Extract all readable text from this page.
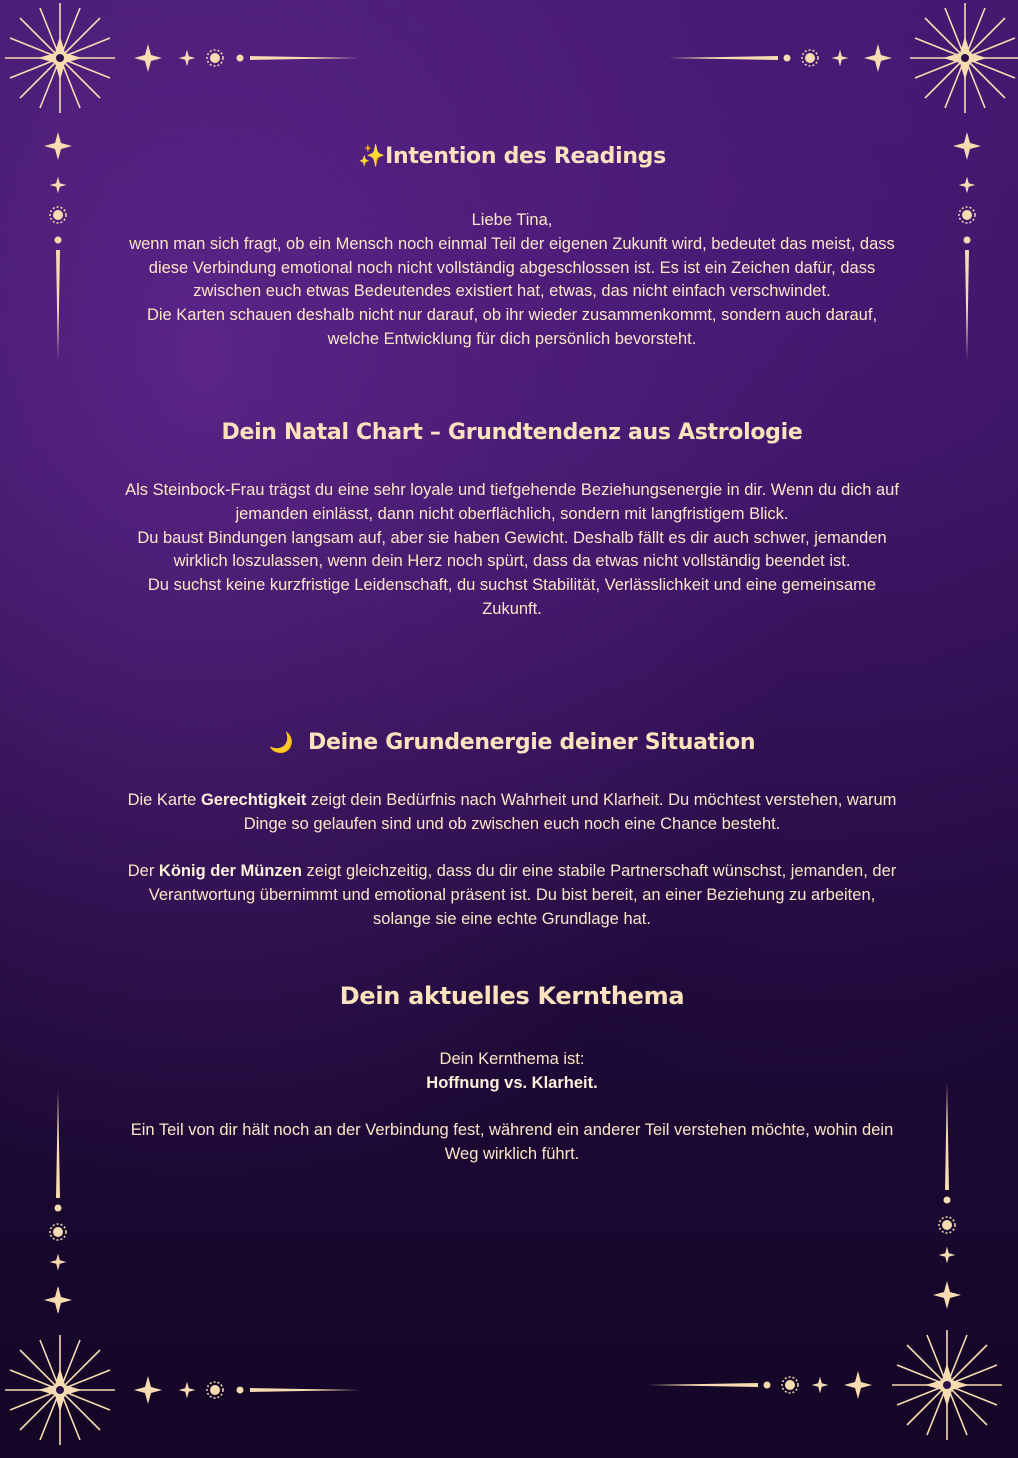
✨Intention des Readings

Liebe Tina,

wenn man sich fragt, ob ein Mensch noch einmal Teil der eigenen Zukunft wird, bedeutet das meist, dass diese Verbindung emotional noch nicht vollständig abgeschlossen ist. Es ist ein Zeichen dafür, dass zwischen euch etwas Bedeutendes existiert hat, etwas, das nicht einfach verschwindet.

Die Karten schauen deshalb nicht nur darauf, ob ihr wieder zusammenkommt, sondern auch darauf, welche Entwicklung für dich persönlich bevorsteht.

Dein Natal Chart – Grundtendenz aus Astrologie

Als Steinbock-Frau trägst du eine sehr loyale und tiefgehende Beziehungsenergie in dir. Wenn du dich auf jemanden einlässt, dann nicht oberflächlich, sondern mit langfristigem Blick.

Du baust Bindungen langsam auf, aber sie haben Gewicht. Deshalb fällt es dir auch schwer, jemanden wirklich loszulassen, wenn dein Herz noch spürt, dass da etwas nicht vollständig beendet ist.

Du suchst keine kurzfristige Leidenschaft, du suchst Stabilität, Verlässlichkeit und eine gemeinsame Zukunft.

🌙 Deine Grundenergie deiner Situation

Die Karte Gerechtigkeit zeigt dein Bedürfnis nach Wahrheit und Klarheit. Du möchtest verstehen, warum Dinge so gelaufen sind und ob zwischen euch noch eine Chance besteht.

Der König der Münzen zeigt gleichzeitig, dass du dir eine stabile Partnerschaft wünschst, jemanden, der Verantwortung übernimmt und emotional präsent ist. Du bist bereit, an einer Beziehung zu arbeiten, solange sie eine echte Grundlage hat.

Dein aktuelles Kernthema

Dein Kernthema ist:

Hoffnung vs. Klarheit.

Ein Teil von dir hält noch an der Verbindung fest, während ein anderer Teil verstehen möchte, wohin dein Weg wirklich führt.
